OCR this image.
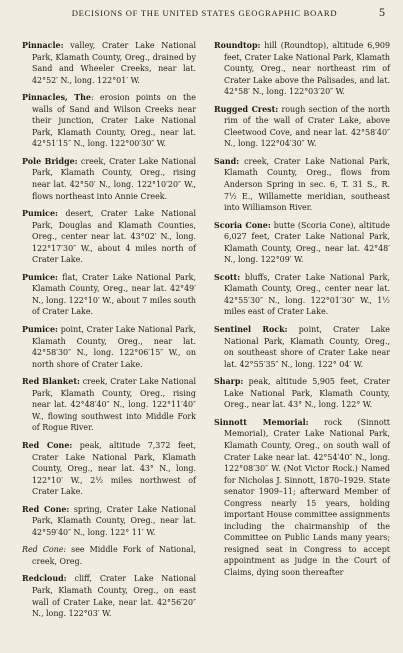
DECISIONS OF THE UNITED STATES GEOGRAPHIC BOARD	5

Pinnacle: valley, Crater Lake National Park, Klamath County, Oreg., drained by Sand and Wheeler Creeks, near lat. 42°52′ N., long. 122°01′ W.

Pinnacles, The: erosion points on the walls of Sand and Wilson Creeks near their junction, Crater Lake National Park, Klamath County, Oreg., near lat. 42°51′15″ N., long. 122°00′30″ W.

Pole Bridge: creek, Crater Lake National Park, Klamath County, Oreg., rising near lat. 42°50′ N., long. 122°10′20″ W., flows northeast into Annie Creek.

Pumice: desert, Crater Lake National Park, Douglas and Klamath Counties, Oreg., center near lat. 43°02′ N., long. 122°17′30″ W., about 4 miles north of Crater Lake.

Pumice: flat, Crater Lake National Park, Klamath County, Oreg., near lat. 42°49′ N., long. 122°10′ W., about 7 miles south of Crater Lake.

Pumice: point, Crater Lake National Park, Klamath County, Oreg., near lat. 42°58′30″ N., long. 122°06′15″ W., on north shore of Crater Lake.

Red Blanket: creek, Crater Lake National Park, Klamath County, Oreg., rising near lat. 42°48′40″ N., long. 122°11′40″ W., flowing southwest into Middle Fork of Rogue River.

Red Cone: peak, altitude 7,372 feet, Crater Lake National Park, Klamath County, Oreg., near lat. 43° N., long. 122°10′ W., 2½ miles northwest of Crater Lake.

Red Cone: spring, Crater Lake National Park, Klamath County, Oreg., near lat. 42°59′40″ N., long. 122° 11′ W.

Red Cone: see Middle Fork of National, creek, Oreg.

Redcloud: cliff, Crater Lake National Park, Klamath County, Oreg., on east wall of Crater Lake, near lat. 42°56′20″ N., long. 122°03′ W.

Roundtop: hill (Roundtop), altitude 6,909 feet, Crater Lake National Park, Klamath County, Oreg., near northeast rim of Crater Lake above the Palisades, and lat. 42°58′ N., long. 122°03′20″ W.

Rugged Crest: rough section of the north rim of the wall of Crater Lake, above Cleetwood Cove, and near lat. 42°58′40″ N., long. 122°04′30″ W.

Sand: creek, Crater Lake National Park, Klamath County, Oreg., flows from Anderson Spring in sec. 6, T. 31 S., R. 7½ E., Willamette meridian, southeast into Williamson River.

Scoria Cone: butte (Scoria Cone), altitude 6,027 feet, Crater Lake National Park, Klamath County, Oreg., near lat. 42°48′ N., long. 122°09′ W.

Scott: bluffs, Crater Lake National Park, Klamath County, Oreg., center near lat. 42°55′30″ N., long. 122°01′30″ W., 1½ miles east of Crater Lake.

Sentinel Rock: point, Crater Lake National Park, Klamath County, Oreg., on southeast shore of Crater Lake near lat. 42°55′35″ N., long. 122° 04′ W.

Sharp: peak, altitude 5,905 feet, Crater Lake National Park, Klamath County, Oreg., near lat. 43° N., long. 122° W.

Sinnott Memorial: rock (Sinnott Memorial), Crater Lake National Park, Klamath County, Oreg., on south wall of Crater Lake near lat. 42°54′40″ N., long. 122°08′30″ W. (Not Victor Rock.) Named for Nicholas J. Sinnott, 1870–1929. State senator 1909–11; afterward Member of Congress nearly 15 years, holding important House committee assignments including the chairmanship of the Committee on Public Lands many years; resigned seat in Congress to accept appointment as judge in the Court of Claims, dying soon thereafter
